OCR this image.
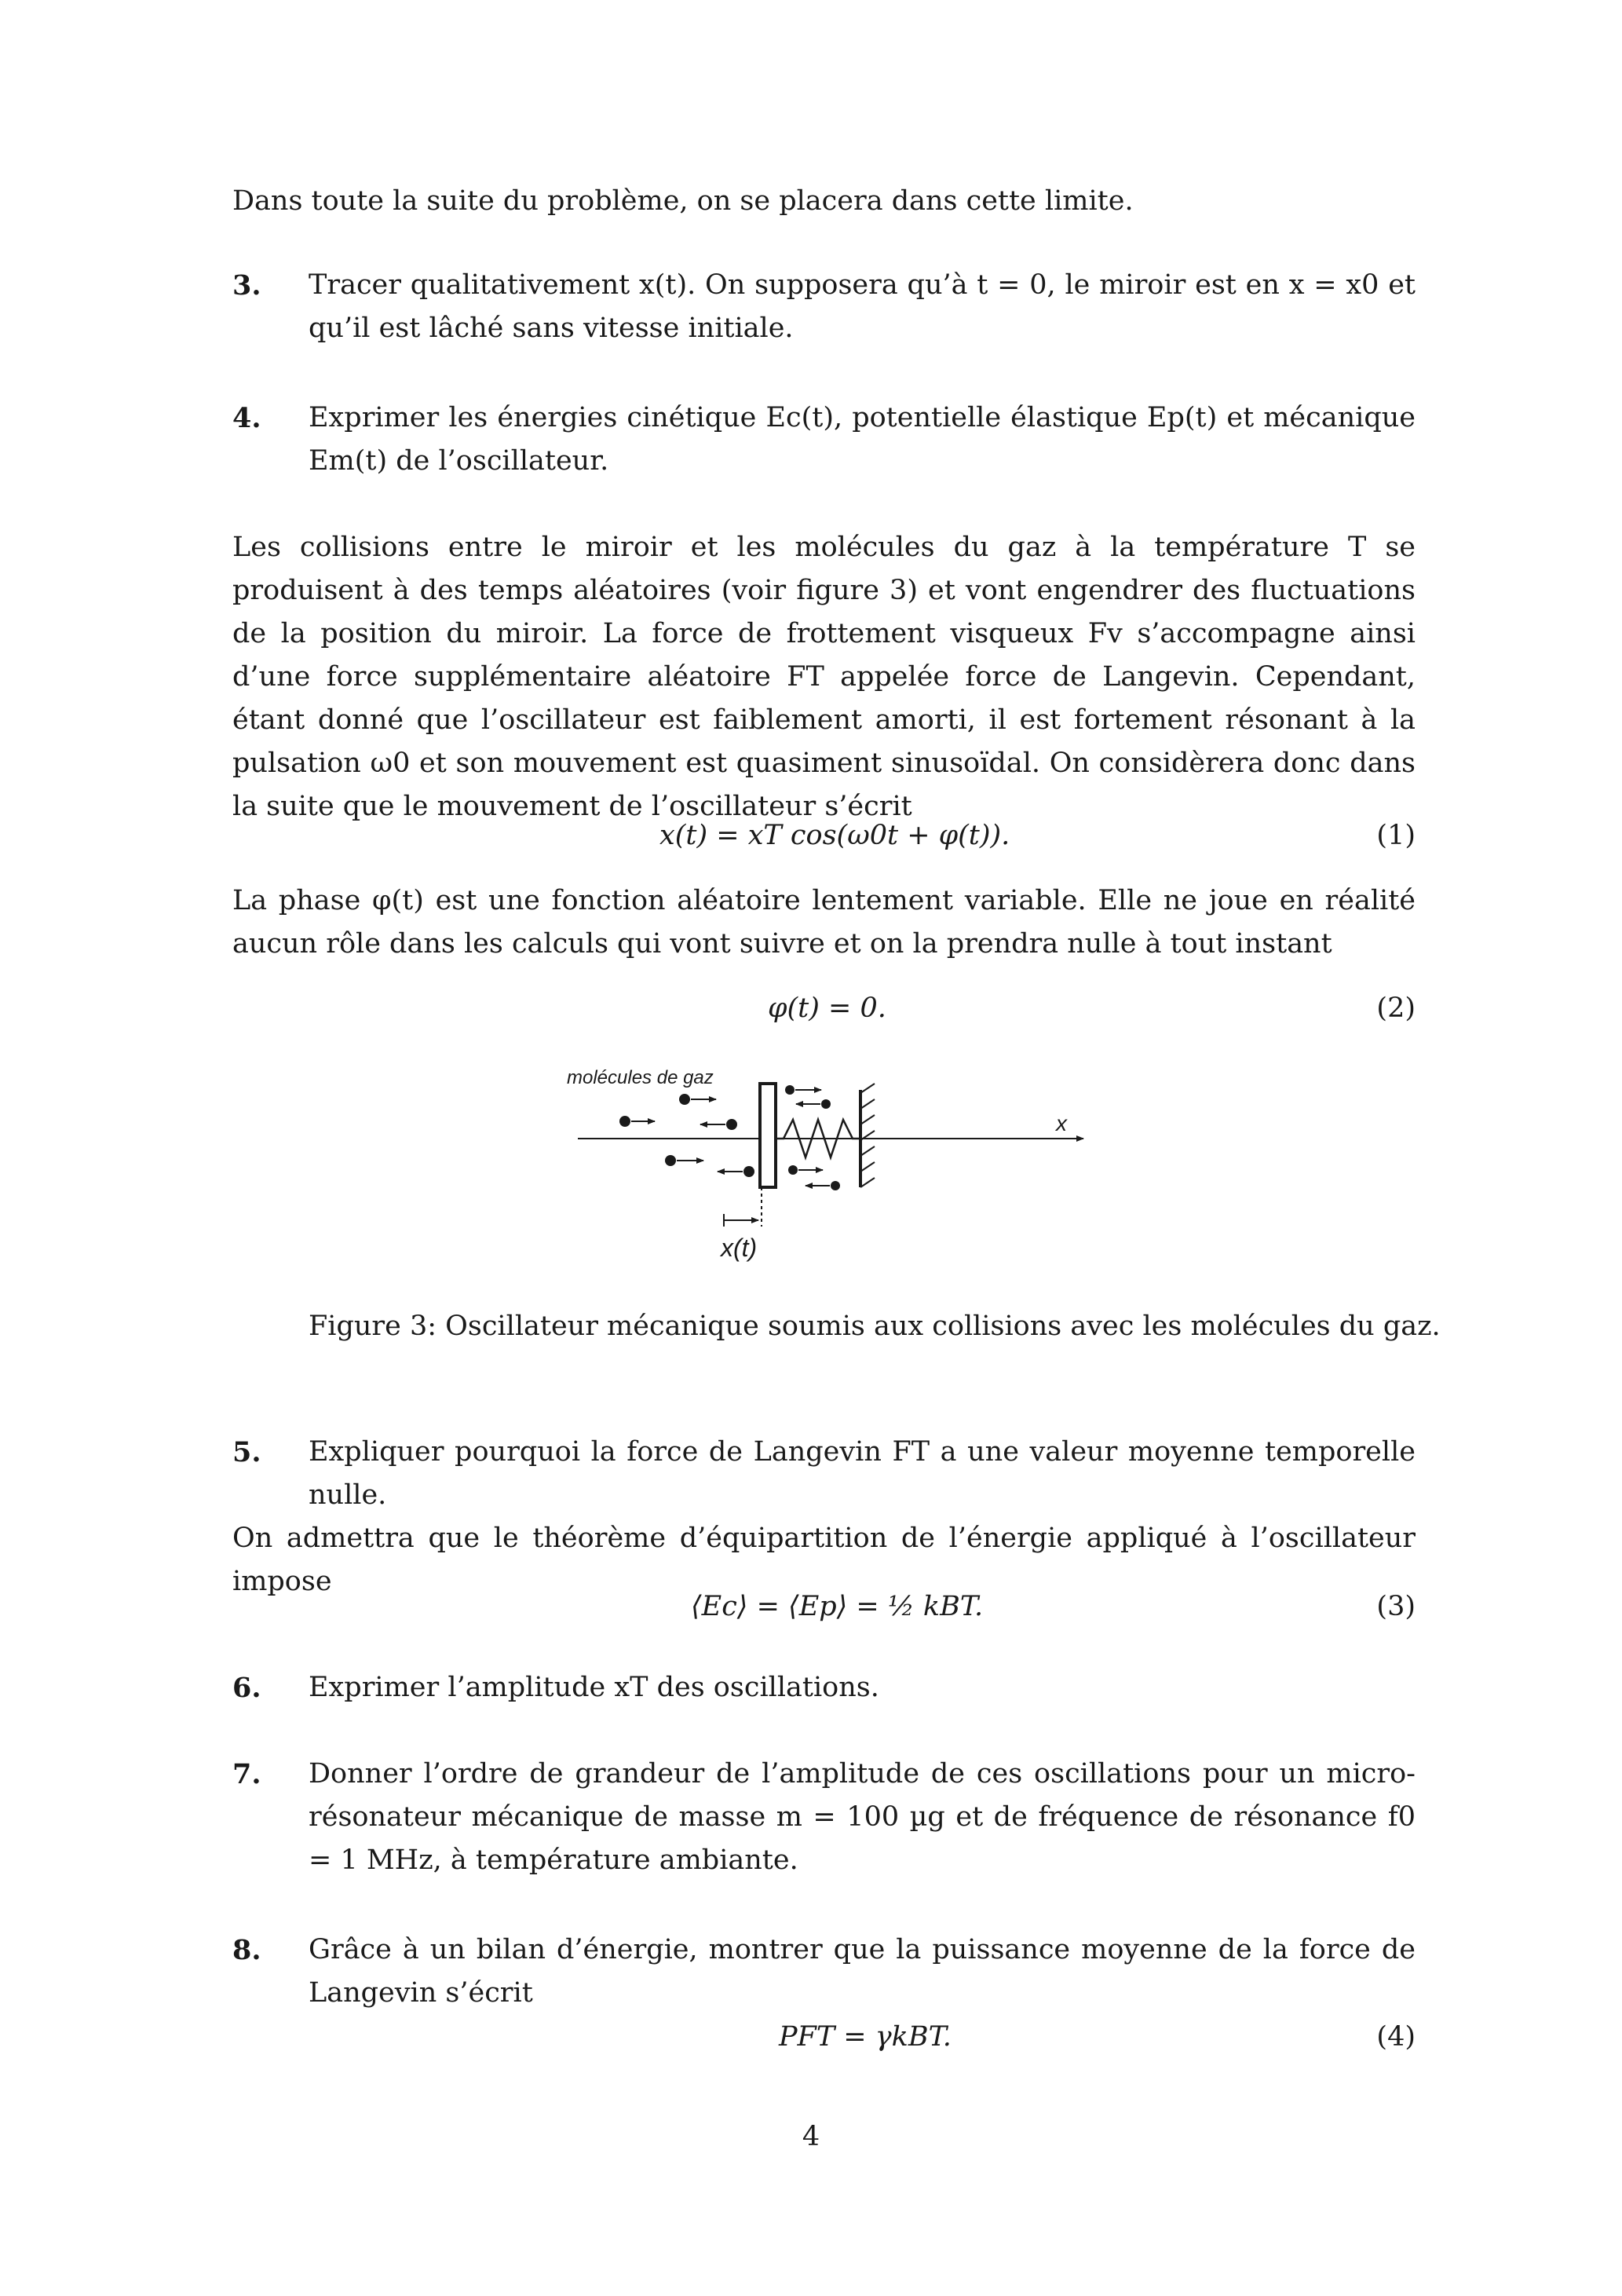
Dans toute la suite du problème, on se placera dans cette limite.
3. Tracer qualitativement x(t). On supposera qu’à t = 0, le miroir est en x = x0 et qu’il est lâché sans vitesse initiale.
4. Exprimer les énergies cinétique Ec(t), potentielle élastique Ep(t) et mécanique Em(t) de l’oscillateur.
Les collisions entre le miroir et les molécules du gaz à la température T se produisent à des temps aléatoires (voir figure 3) et vont engendrer des fluctuations de la position du miroir. La force de frottement visqueux Fv s’accompagne ainsi d’une force supplémentaire aléatoire FT appelée force de Langevin. Cependant, étant donné que l’oscillateur est faiblement amorti, il est fortement résonant à la pulsation ω0 et son mouvement est quasiment sinusoïdal. On considèrera donc dans la suite que le mouvement de l’oscillateur s’écrit
x(t) = xT cos(ω0t + φ(t)).	(1)
La phase φ(t) est une fonction aléatoire lentement variable. Elle ne joue en réalité aucun rôle dans les calculs qui vont suivre et on la prendra nulle à tout instant
φ(t) = 0.	(2)
molécules de gaz
x
x(t)
Figure 3: Oscillateur mécanique soumis aux collisions avec les molécules du gaz.
5. Expliquer pourquoi la force de Langevin FT a une valeur moyenne temporelle nulle.
On admettra que le théorème d’équipartition de l’énergie appliqué à l’oscillateur impose
⟨Ec⟩ = ⟨Ep⟩ = ½ kBT.	(3)
6. Exprimer l’amplitude xT des oscillations.
7. Donner l’ordre de grandeur de l’amplitude de ces oscillations pour un micro-résonateur mécanique de masse m = 100 µg et de fréquence de résonance f0 = 1 MHz, à température ambiante.
8. Grâce à un bilan d’énergie, montrer que la puissance moyenne de la force de Langevin s’écrit
PFT = γkBT.	(4)
4
